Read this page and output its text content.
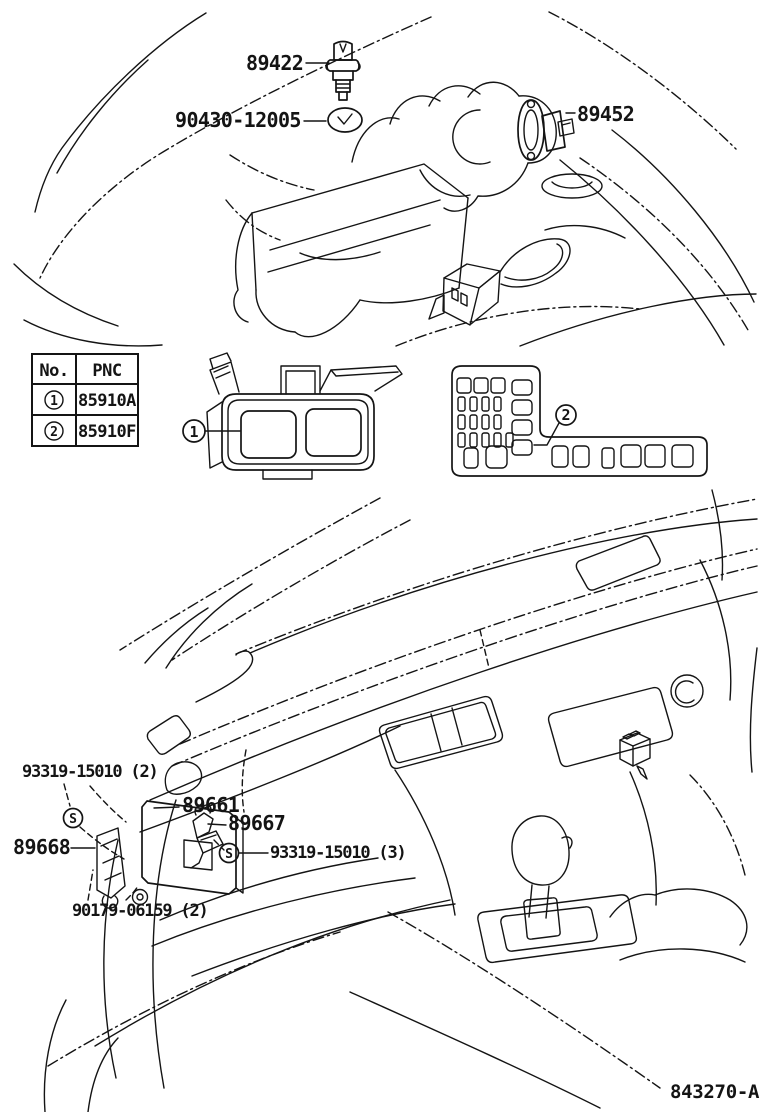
89422
90430-12005	89452
No. PNC
1 85910A
2 85910F	1
2
S
93319-15010 (2)
89661
89667
89668	S 93319-15010 (3)
90179-06159 (2)
843270-A
